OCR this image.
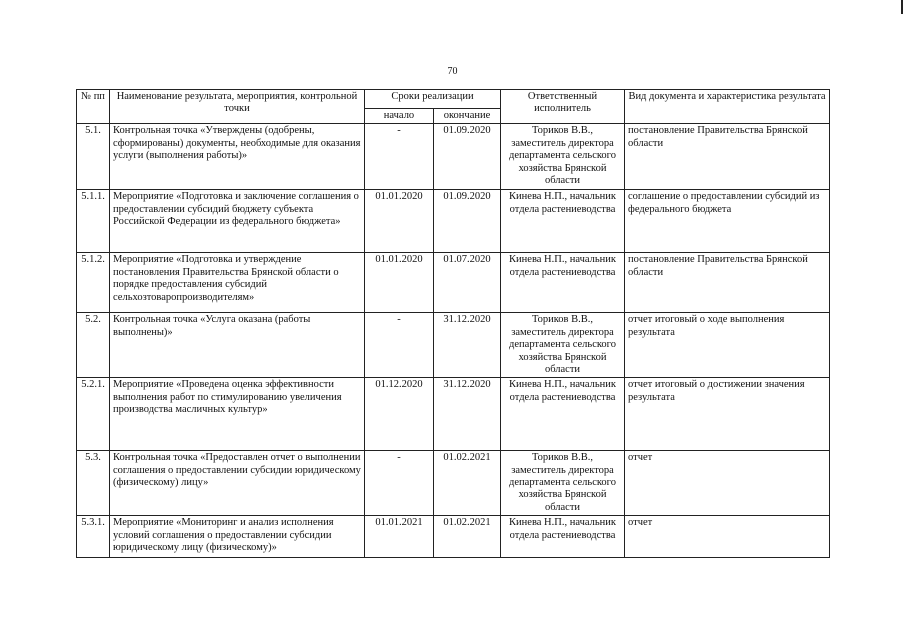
70
№ пп	Наименование результата, мероприятия, контрольной точки	Сроки реализации		Ответственный исполнитель	Вид документа и характеристика результата
		начало	окончание		
5.1.	Контрольная точка «Утверждены (одобрены, сформированы) документы, необходимые для оказания услуги (выполнения работы)»	-	01.09.2020	Ториков В.В., заместитель директора департамента сельского хозяйства Брянской области	постановление Правительства Брянской области
5.1.1.	Мероприятие «Подготовка и заключение соглашения о предоставлении субсидий бюджету субъекта Российской Федерации из федерального бюджета»	01.01.2020	01.09.2020	Кинева Н.П., начальник отдела растениеводства	соглашение о предоставлении субсидий из федерального бюджета
5.1.2.	Мероприятие «Подготовка и утверждение постановления Правительства Брянской области о порядке предоставления субсидий сельхозтоваропроизводителям»	01.01.2020	01.07.2020	Кинева Н.П., начальник отдела растениеводства	постановление Правительства Брянской области
5.2.	Контрольная точка «Услуга оказана (работы выполнены)»	-	31.12.2020	Ториков В.В., заместитель директора департамента сельского хозяйства Брянской области	отчет итоговый о ходе выполнения результата
5.2.1.	Мероприятие «Проведена оценка эффективности выполнения работ по стимулированию увеличения производства масличных культур»	01.12.2020	31.12.2020	Кинева Н.П., начальник отдела растениеводства	отчет итоговый о достижении значения результата
5.3.	Контрольная точка «Предоставлен отчет о выполнении соглашения о предоставлении субсидии юридическому (физическому) лицу»	-	01.02.2021	Ториков В.В., заместитель директора департамента сельского хозяйства Брянской области	отчет
5.3.1.	Мероприятие «Мониторинг и анализ исполнения условий соглашения о предоставлении субсидии юридическому лицу (физическому)»	01.01.2021	01.02.2021	Кинева Н.П., начальник отдела растениеводства	отчет
